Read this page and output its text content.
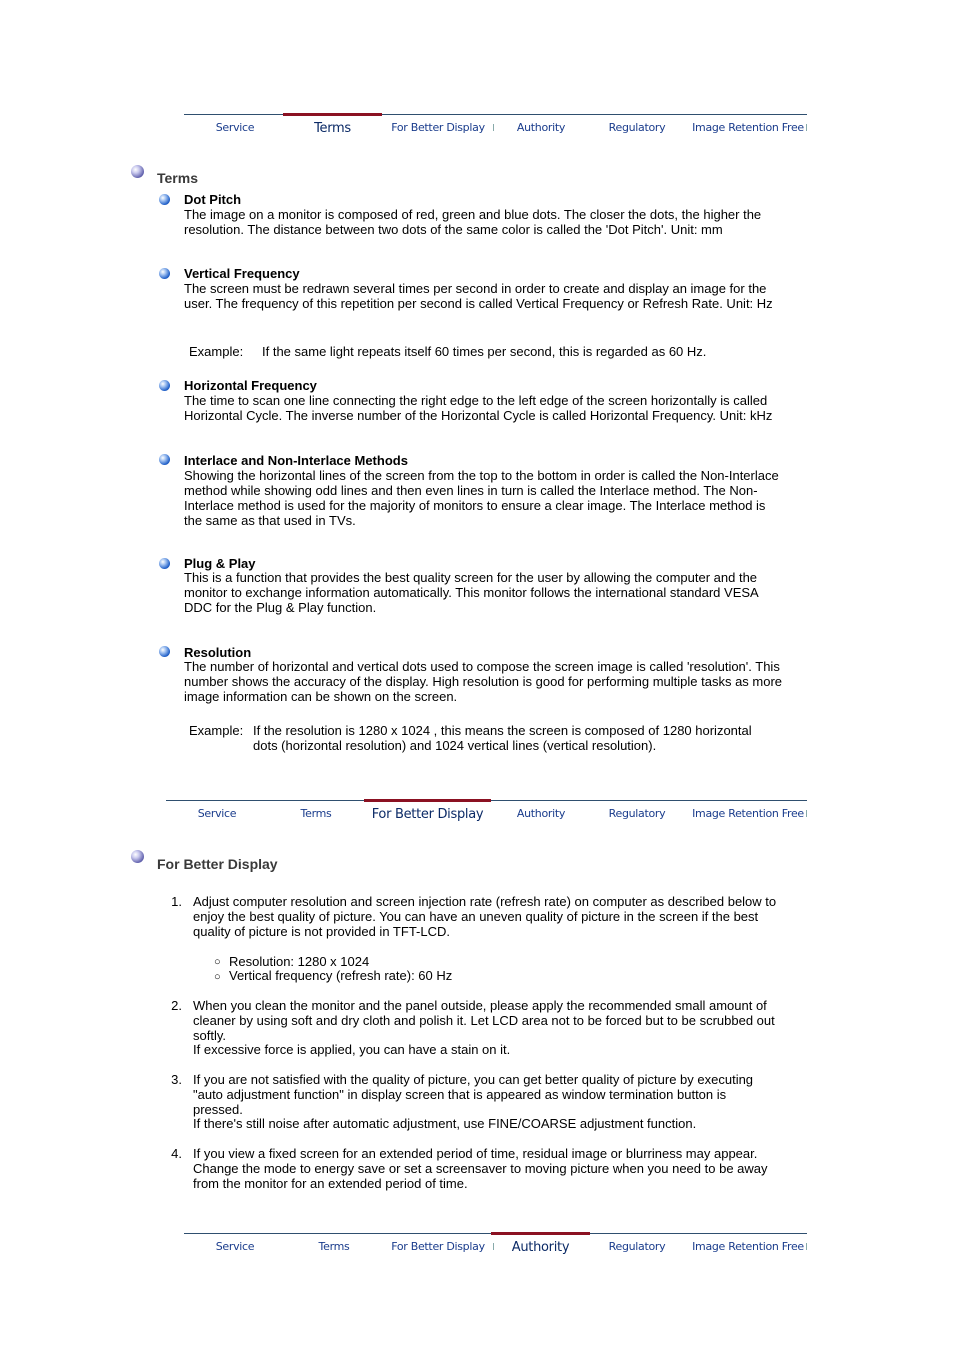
Service	Terms	For Better Display	Authority	Regulatory	Image Retention Free
Terms
Dot Pitch
The image on a monitor is composed of red, green and blue dots. The closer the dots, the higher the resolution. The distance between two dots of the same color is called the 'Dot Pitch'. Unit: mm
Vertical Frequency
The screen must be redrawn several times per second in order to create and display an image for the user. The frequency of this repetition per second is called Vertical Frequency or Refresh Rate. Unit: Hz
Example: If the same light repeats itself 60 times per second, this is regarded as 60 Hz.
Horizontal Frequency
The time to scan one line connecting the right edge to the left edge of the screen horizontally is called Horizontal Cycle. The inverse number of the Horizontal Cycle is called Horizontal Frequency. Unit: kHz
Interlace and Non-Interlace Methods
Showing the horizontal lines of the screen from the top to the bottom in order is called the Non-Interlace method while showing odd lines and then even lines in turn is called the Interlace method. The Non-Interlace method is used for the majority of monitors to ensure a clear image. The Interlace method is the same as that used in TVs.
Plug & Play
This is a function that provides the best quality screen for the user by allowing the computer and the monitor to exchange information automatically. This monitor follows the international standard VESA DDC for the Plug & Play function.
Resolution
The number of horizontal and vertical dots used to compose the screen image is called 'resolution'. This number shows the accuracy of the display. High resolution is good for performing multiple tasks as more image information can be shown on the screen.
Example: If the resolution is 1280 x 1024 , this means the screen is composed of 1280 horizontal dots (horizontal resolution) and 1024 vertical lines (vertical resolution).
Service	Terms	For Better Display	Authority	Regulatory	Image Retention Free
For Better Display
1. Adjust computer resolution and screen injection rate (refresh rate) on computer as described below to enjoy the best quality of picture. You can have an uneven quality of picture in the screen if the best quality of picture is not provided in TFT-LCD.
○ Resolution: 1280 x 1024
○ Vertical frequency (refresh rate): 60 Hz
2. When you clean the monitor and the panel outside, please apply the recommended small amount of cleaner by using soft and dry cloth and polish it. Let LCD area not to be forced but to be scrubbed out softly.
If excessive force is applied, you can have a stain on it.
3. If you are not satisfied with the quality of picture, you can get better quality of picture by executing "auto adjustment function" in display screen that is appeared as window termination button is pressed.
If there's still noise after automatic adjustment, use FINE/COARSE adjustment function.
4. If you view a fixed screen for an extended period of time, residual image or blurriness may appear. Change the mode to energy save or set a screensaver to moving picture when you need to be away from the monitor for an extended period of time.
Service	Terms	For Better Display	Authority	Regulatory	Image Retention Free
